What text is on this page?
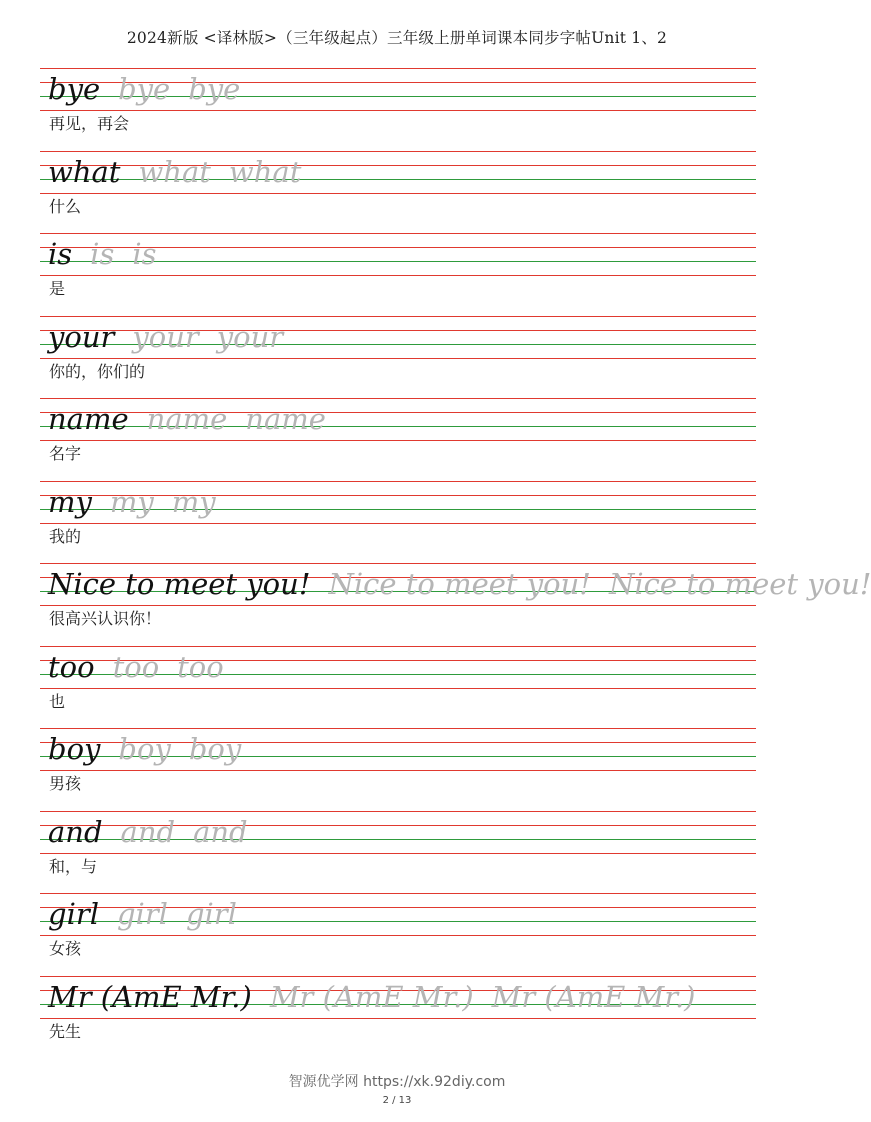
2024新版 <译林版>（三年级起点）三年级上册单词课本同步字帖Unit 1、2
bye bye bye
再见，再会
what what what
什么
is is is
是
your your your
你的，你们的
name name name
名字
my my my
我的
Nice to meet you! Nice to meet you! Nice to meet you!
很高兴认识你！
too too too
也
boy boy boy
男孩
and and and
和，与
girl girl girl
女孩
Mr (AmE Mr.) Mr (AmE Mr.) Mr (AmE Mr.)
先生
智源优学网 https://xk.92diy.com
2 / 13
